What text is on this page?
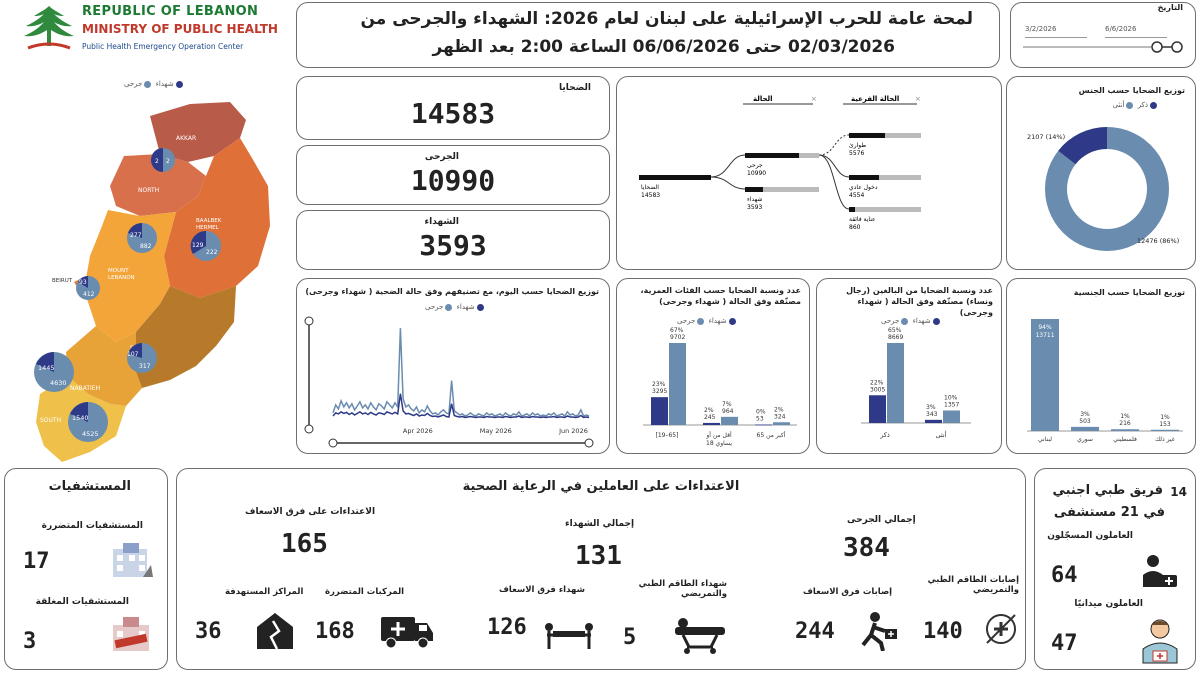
REPUBLIC OF LEBANON
MINISTRY OF PUBLIC HEALTH
Public Health Emergency Operation Center
لمحة عامة للحرب الإسرائيلية على لبنان لعام 2026: الشهداء والجرحى من
02/03/2026 حتى 06/06/2026 الساعة 2:00 بعد الظهر
التاريخ
3/2/2026	6/6/2026
شهداء جرحى
AKKAR
NORTH
BAALBEK
HERMEL
MOUNT
LEBANON
BEIRUT
NABATIEH
SOUTH
2 2
277
882	129
222
93
412
107
317
1445
4630
1540
4525
الضحايا
14583
الجرحى
10990
الشهداء
3593
الحالة	×	الحالة الفرعية ×
الضحايا
14583
جرحى
10990
شهداء
3593
طوارئ
5576
دخول عادي
4554
عناية فائقة
860
توزيع الضحايا حسب الجنس
ذكر أنثى
2107 (14%)
12476 (86%)
توزيع الضحايا حسب اليوم، مع تصنيفهم وفق حالة الضحية ( شهداء وجرحى)
شهداء جرحى
Apr 2026	May 2026	Jun 2026
عدد ونسبة الضحايا حسب الفئات العمرية، مصنّفة وفق الحالة ( شهداء وجرحى)
شهداء جرحى
23%
3295
67%
9702
[19–65]
2%
245
7%
964
أقل من أو
يساوي 18
0%
53
2%
324
أكبر من 65
عدد ونسبة الضحايا من البالغين (رجال ونساء) مصنّفة وفق الحالة ( شهداء وجرحى)
شهداء جرحى
22%
3005
65%
8669
ذكر
3%
343
10%
1357
أنثى
توزيع الضحايا حسب الجنسية
94%
13711
لبناني
3%
503
سوري
1%
216
فلسطيني
1%
153
غير ذلك
المستشفيات
المستشفيات المتضررة
17
المستشفيات المغلقة
3
الاعتداءات على العاملين في الرعاية الصحية
إجمالي الجرحى
384
إجمالي الشهداء
131
الاعتداءات على فرق الاسعاف
165
إصابات الطاقم الطبي والتمريضي
140
إصابات فرق الاسعاف
244
شهداء الطاقم الطبي والتمريضي
5
شهداء فرق الاسعاف
126
المركبات المتضررة
168
المراكز المستهدفة
36
14
فريق طبي اجنبي
في 21 مستشفى
العاملون المسجّلون
64
العاملون ميدانيًا
47
